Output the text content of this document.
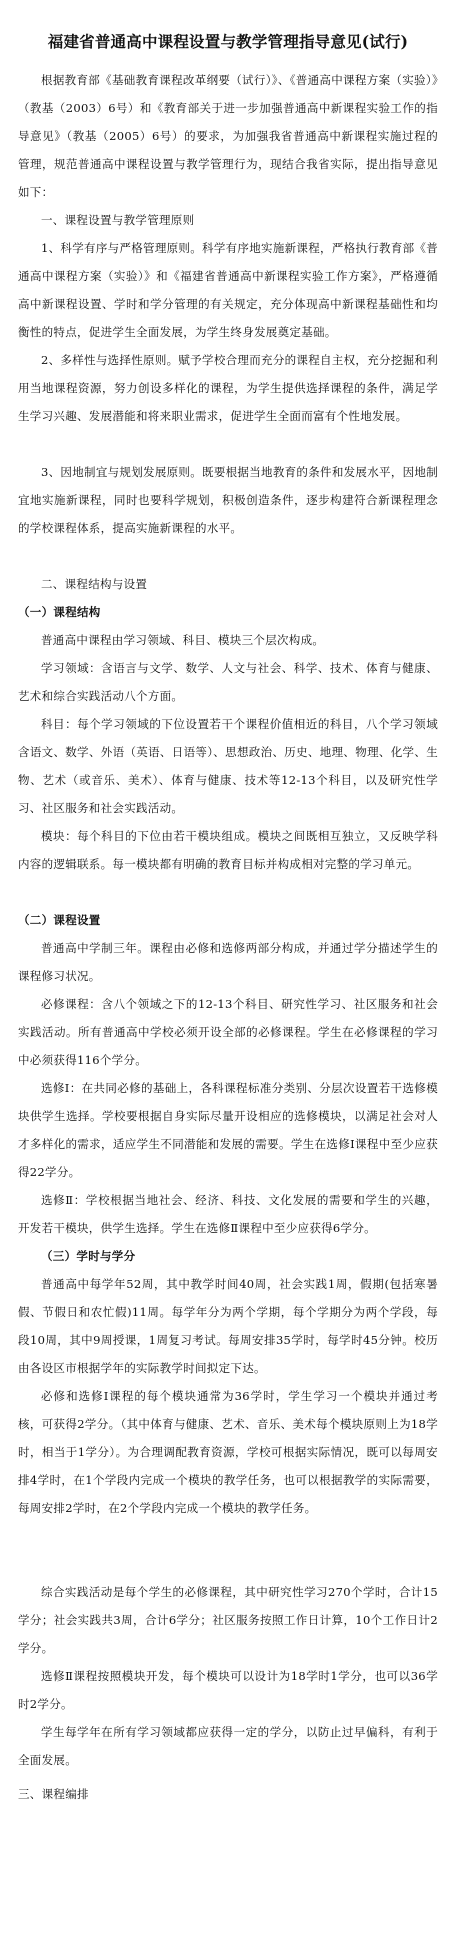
福建省普通高中课程设置与教学管理指导意见(试行)

根据教育部《基础教育课程改革纲要（试行）》、《普通高中课程方案（实验）》（教基（2003）6号）和《教育部关于进一步加强普通高中新课程实验工作的指导意见》（教基（2005）6号）的要求，为加强我省普通高中新课程实施过程的管理，规范普通高中课程设置与教学管理行为，现结合我省实际，提出指导意见如下：

一、课程设置与教学管理原则

1、科学有序与严格管理原则。科学有序地实施新课程，严格执行教育部《普通高中课程方案（实验）》和《福建省普通高中新课程实验工作方案》，严格遵循高中新课程设置、学时和学分管理的有关规定，充分体现高中新课程基础性和均衡性的特点，促进学生全面发展，为学生终身发展奠定基础。

2、多样性与选择性原则。赋予学校合理而充分的课程自主权，充分挖掘和利用当地课程资源，努力创设多样化的课程，为学生提供选择课程的条件，满足学生学习兴趣、发展潜能和将来职业需求，促进学生全面而富有个性地发展。

3、因地制宜与规划发展原则。既要根据当地教育的条件和发展水平，因地制宜地实施新课程，同时也要科学规划，积极创造条件，逐步构建符合新课程理念的学校课程体系，提高实施新课程的水平。

二、课程结构与设置

（一）课程结构

普通高中课程由学习领域、科目、模块三个层次构成。

学习领域：含语言与文学、数学、人文与社会、科学、技术、体育与健康、艺术和综合实践活动八个方面。

科目：每个学习领域的下位设置若干个课程价值相近的科目，八个学习领域含语文、数学、外语（英语、日语等）、思想政治、历史、地理、物理、化学、生物、艺术（或音乐、美术）、体育与健康、技术等12-13个科目，以及研究性学习、社区服务和社会实践活动。

模块：每个科目的下位由若干模块组成。模块之间既相互独立，又反映学科内容的逻辑联系。每一模块都有明确的教育目标并构成相对完整的学习单元。

（二）课程设置

普通高中学制三年。课程由必修和选修两部分构成，并通过学分描述学生的课程修习状况。

必修课程：含八个领域之下的12-13个科目、研究性学习、社区服务和社会实践活动。所有普通高中学校必须开设全部的必修课程。学生在必修课程的学习中必须获得116个学分。

选修Ⅰ：在共同必修的基础上，各科课程标准分类别、分层次设置若干选修模块供学生选择。学校要根据自身实际尽量开设相应的选修模块，以满足社会对人才多样化的需求，适应学生不同潜能和发展的需要。学生在选修Ⅰ课程中至少应获得22学分。

选修Ⅱ：学校根据当地社会、经济、科技、文化发展的需要和学生的兴趣，开发若干模块，供学生选择。学生在选修Ⅱ课程中至少应获得6学分。

（三）学时与学分

普通高中每学年52周，其中教学时间40周，社会实践1周，假期(包括寒暑假、节假日和农忙假)11周。每学年分为两个学期，每个学期分为两个学段，每段10周，其中9周授课，1周复习考试。每周安排35学时，每学时45分钟。校历由各设区市根据学年的实际教学时间拟定下达。

必修和选修Ⅰ课程的每个模块通常为36学时，学生学习一个模块并通过考核，可获得2学分。（其中体育与健康、艺术、音乐、美术每个模块原则上为18学时，相当于1学分）。为合理调配教育资源，学校可根据实际情况，既可以每周安排4学时，在1个学段内完成一个模块的教学任务，也可以根据教学的实际需要，每周安排2学时，在2个学段内完成一个模块的教学任务。

综合实践活动是每个学生的必修课程，其中研究性学习270个学时，合计15学分；社会实践共3周，合计6学分；社区服务按照工作日计算，10个工作日计2学分。

选修Ⅱ课程按照模块开发，每个模块可以设计为18学时1学分，也可以36学时2学分。

学生每学年在所有学习领域都应获得一定的学分，以防止过早偏科，有利于全面发展。

三、课程编排
